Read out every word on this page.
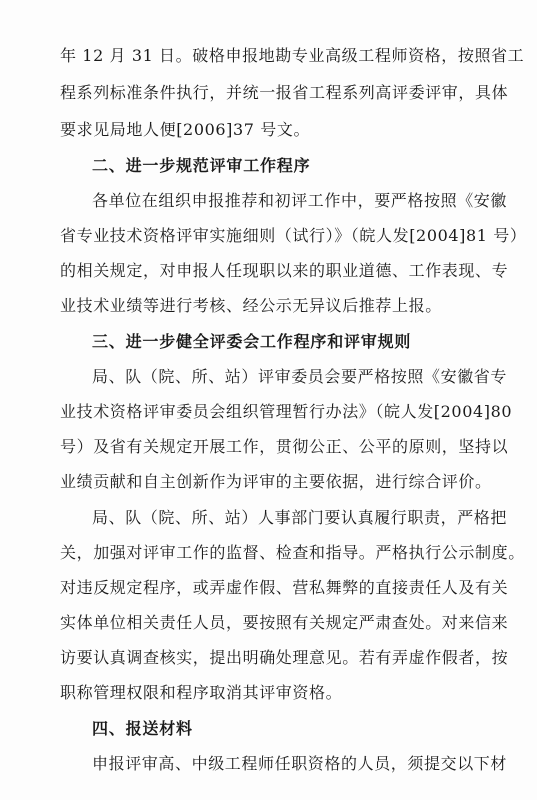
年 12 月 31 日。破格申报地勘专业高级工程师资格，按照省工
程系列标准条件执行，并统一报省工程系列高评委评审，具体
要求见局地人便[2006]37 号文。
二、进一步规范评审工作程序
各单位在组织申报推荐和初评工作中，要严格按照《安徽
省专业技术资格评审实施细则（试行）》（皖人发[2004]81 号）
的相关规定，对申报人任现职以来的职业道德、工作表现、专
业技术业绩等进行考核、经公示无异议后推荐上报。
三、进一步健全评委会工作程序和评审规则
局、队（院、所、站）评审委员会要严格按照《安徽省专
业技术资格评审委员会组织管理暂行办法》（皖人发[2004]80
号）及省有关规定开展工作，贯彻公正、公平的原则，坚持以
业绩贡献和自主创新作为评审的主要依据，进行综合评价。
局、队（院、所、站）人事部门要认真履行职责，严格把
关，加强对评审工作的监督、检查和指导。严格执行公示制度。
对违反规定程序，或弄虚作假、营私舞弊的直接责任人及有关
实体单位相关责任人员，要按照有关规定严肃查处。对来信来
访要认真调查核实，提出明确处理意见。若有弄虚作假者，按
职称管理权限和程序取消其评审资格。
四、报送材料
申报评审高、中级工程师任职资格的人员，须提交以下材
